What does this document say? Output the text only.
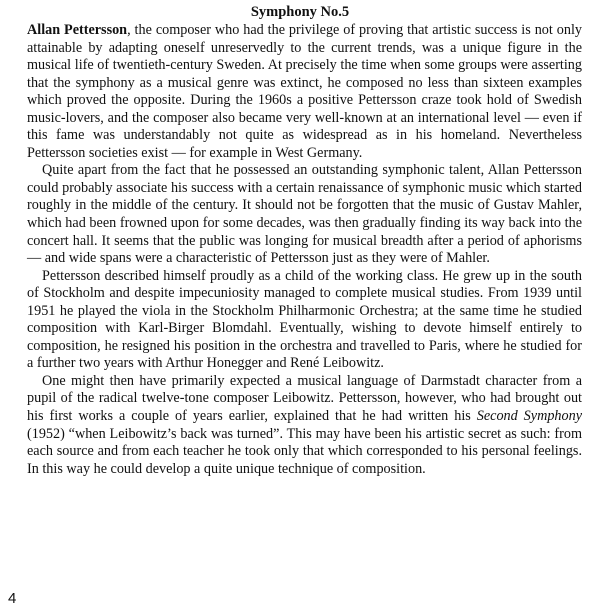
Symphony No.5

Allan Pettersson, the composer who had the privilege of proving that artistic success is not only attainable by adapting oneself unreservedly to the current trends, was a unique figure in the musical life of twentieth-century Sweden. At precisely the time when some groups were asserting that the symphony as a musical genre was extinct, he composed no less than sixteen examples which proved the opposite. During the 1960s a positive Pettersson craze took hold of Swedish music-lovers, and the composer also became very well-known at an international level — even if this fame was understandably not quite as widespread as in his homeland. Nevertheless Pettersson societies exist — for example in West Germany.

Quite apart from the fact that he possessed an outstanding symphonic talent, Allan Pettersson could probably associate his success with a certain renaissance of symphonic music which started roughly in the middle of the century. It should not be forgotten that the music of Gustav Mahler, which had been frowned upon for some decades, was then gradually finding its way back into the concert hall. It seems that the public was longing for musical breadth after a period of aphorisms — and wide spans were a characteristic of Pettersson just as they were of Mahler.

Pettersson described himself proudly as a child of the working class. He grew up in the south of Stockholm and despite impecuniosity managed to complete musical studies. From 1939 until 1951 he played the viola in the Stockholm Philharmonic Orchestra; at the same time he studied composition with Karl-Birger Blomdahl. Eventually, wishing to devote himself entirely to composition, he resigned his position in the orchestra and travelled to Paris, where he studied for a further two years with Arthur Honegger and René Leibowitz.

One might then have primarily expected a musical language of Darmstadt character from a pupil of the radical twelve-tone composer Leibowitz. Pettersson, however, who had brought out his first works a couple of years earlier, explained that he had written his Second Symphony (1952) “when Leibowitz’s back was turned”. This may have been his artistic secret as such: from each source and from each teacher he took only that which corresponded to his personal feelings. In this way he could develop a quite unique technique of composition.

4
